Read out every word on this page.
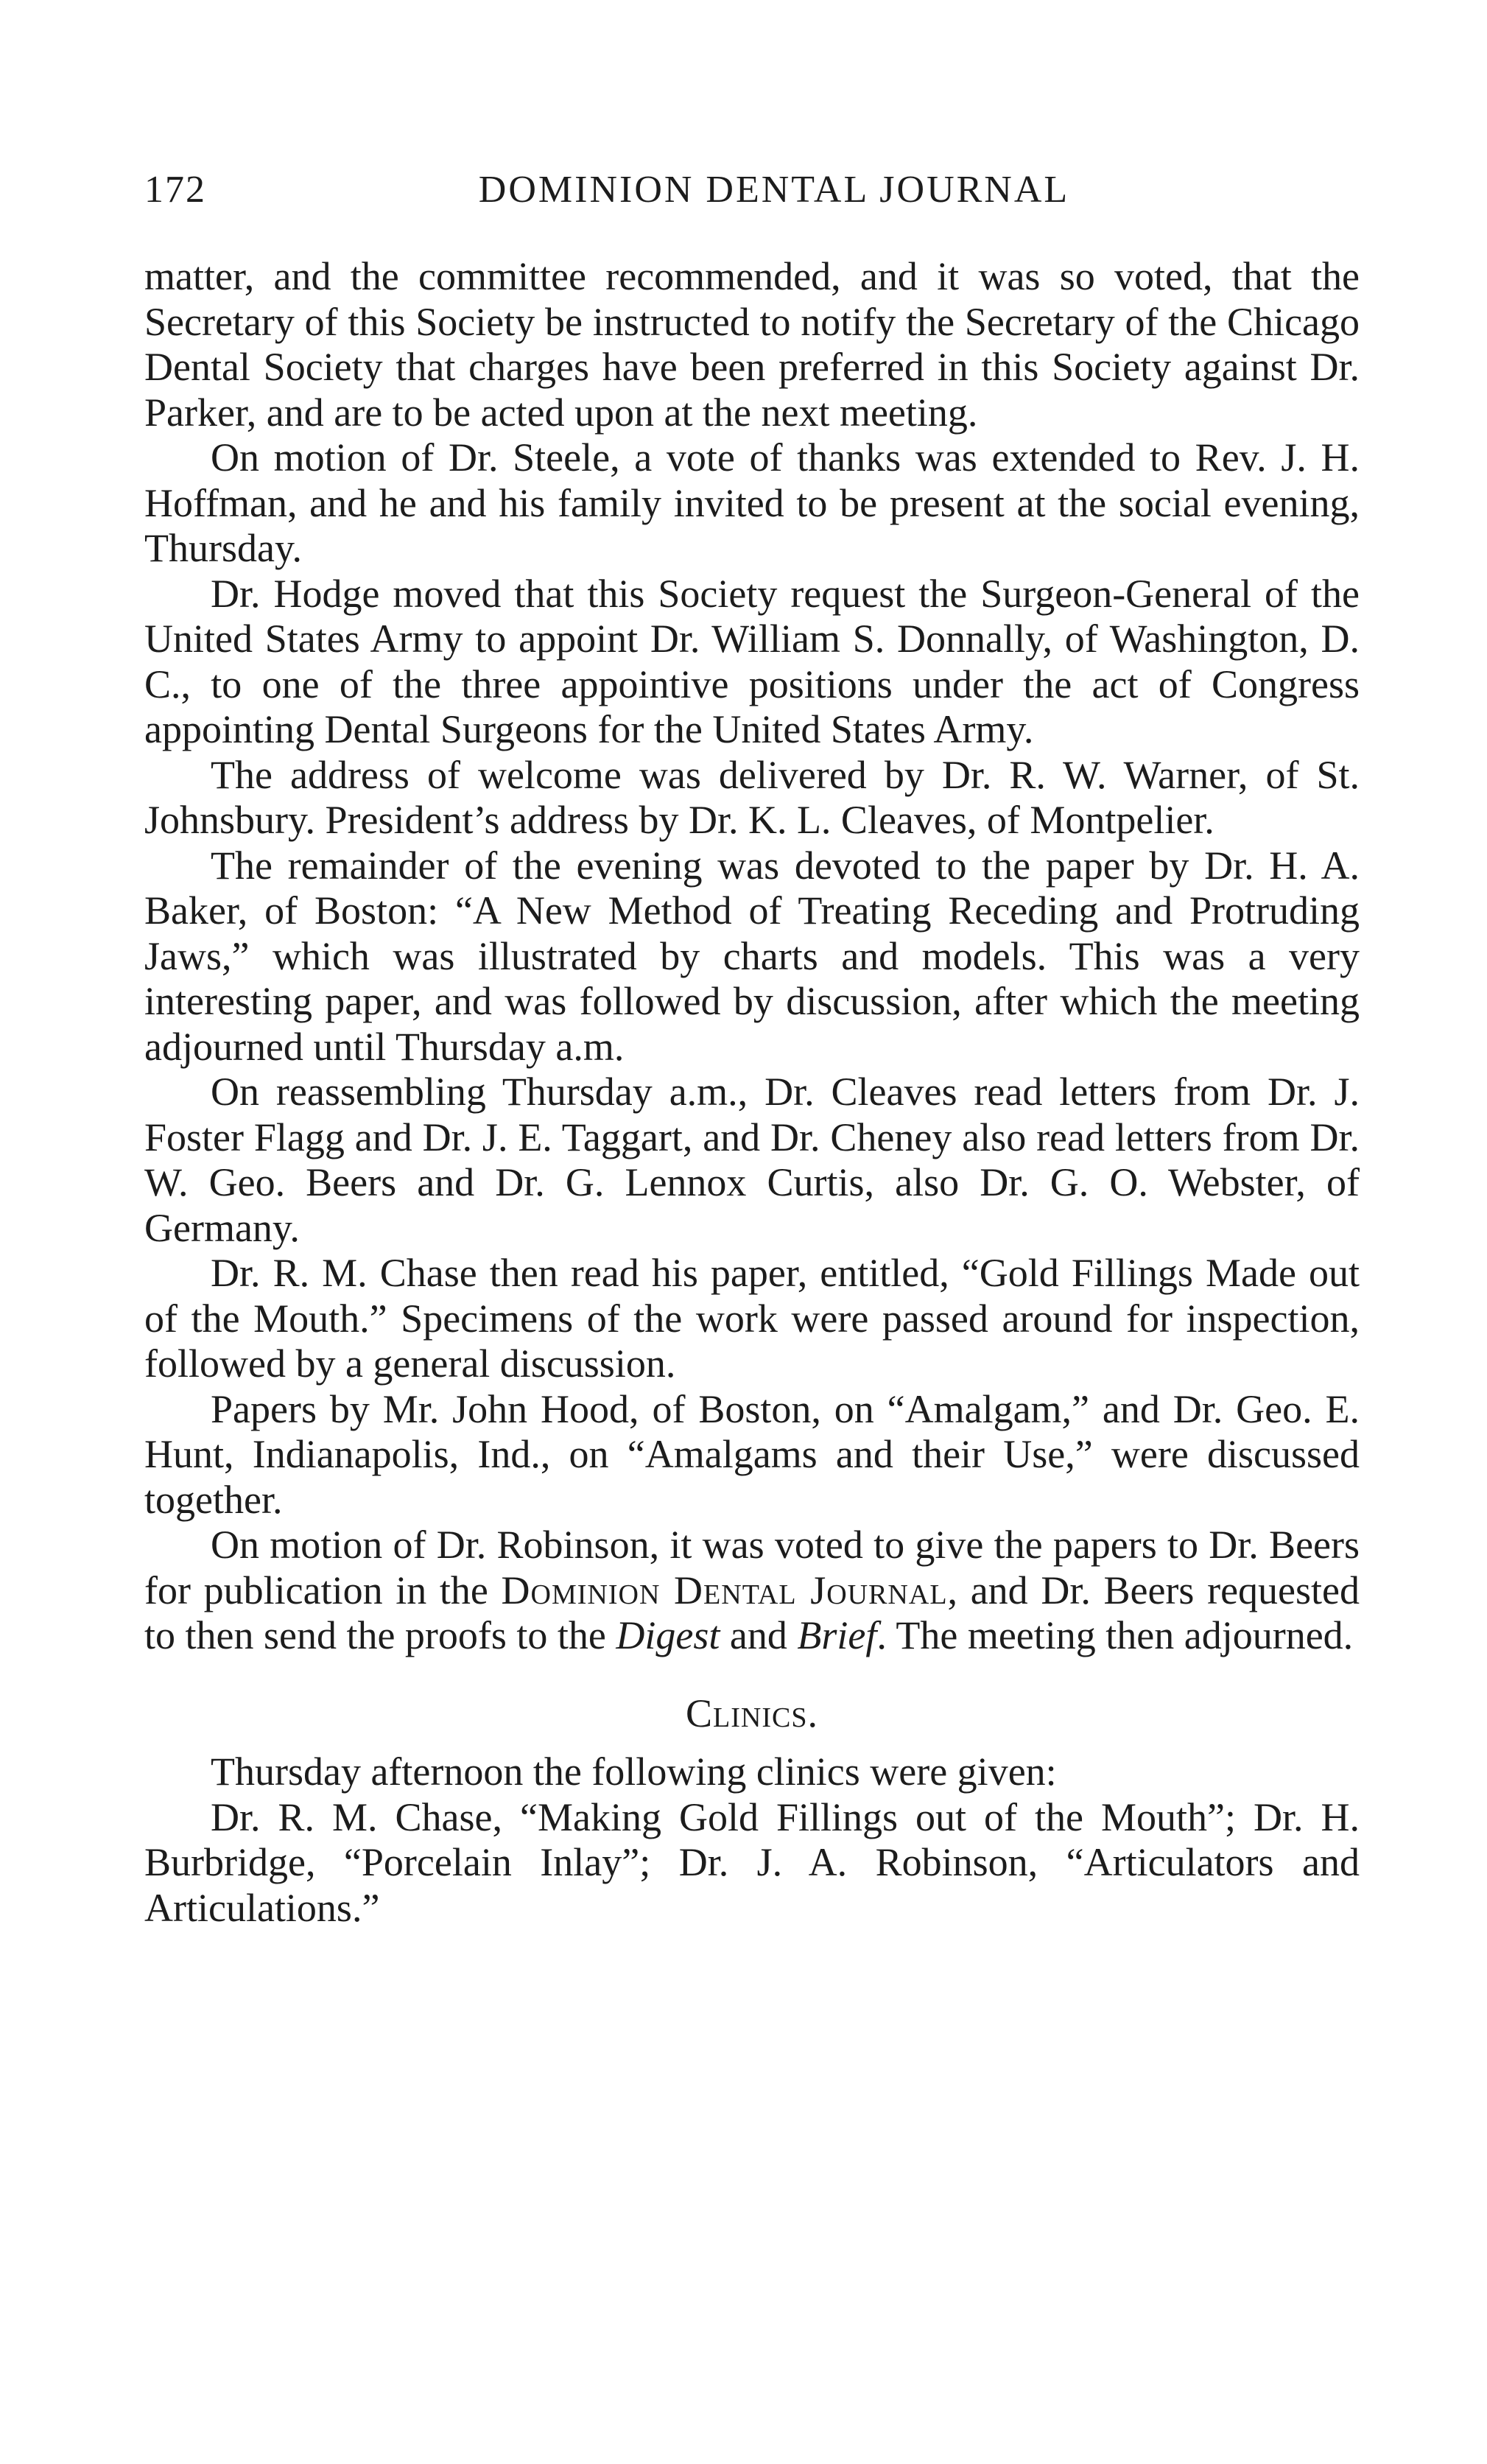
172	DOMINION DENTAL JOURNAL

matter, and the committee recommended, and it was so voted, that the Secretary of this Society be instructed to notify the Secretary of the Chicago Dental Society that charges have been preferred in this Society against Dr. Parker, and are to be acted upon at the next meeting.

On motion of Dr. Steele, a vote of thanks was extended to Rev. J. H. Hoffman, and he and his family invited to be present at the social evening, Thursday.

Dr. Hodge moved that this Society request the Surgeon-General of the United States Army to appoint Dr. William S. Donnally, of Washington, D. C., to one of the three appointive positions under the act of Congress appointing Dental Surgeons for the United States Army.

The address of welcome was delivered by Dr. R. W. Warner, of St. Johnsbury. President’s address by Dr. K. L. Cleaves, of Montpelier.

The remainder of the evening was devoted to the paper by Dr. H. A. Baker, of Boston: “A New Method of Treating Receding and Protruding Jaws,” which was illustrated by charts and models. This was a very interesting paper, and was followed by discussion, after which the meeting adjourned until Thursday a.m.

On reassembling Thursday a.m., Dr. Cleaves read letters from Dr. J. Foster Flagg and Dr. J. E. Taggart, and Dr. Cheney also read letters from Dr. W. Geo. Beers and Dr. G. Lennox Curtis, also Dr. G. O. Webster, of Germany.

Dr. R. M. Chase then read his paper, entitled, “Gold Fillings Made out of the Mouth.” Specimens of the work were passed around for inspection, followed by a general discussion.

Papers by Mr. John Hood, of Boston, on “Amalgam,” and Dr. Geo. E. Hunt, Indianapolis, Ind., on “Amalgams and their Use,” were discussed together.

On motion of Dr. Robinson, it was voted to give the papers to Dr. Beers for publication in the Dominion Dental Journal, and Dr. Beers requested to then send the proofs to the Digest and Brief. The meeting then adjourned.

Clinics.

Thursday afternoon the following clinics were given:

Dr. R. M. Chase, “Making Gold Fillings out of the Mouth”; Dr. H. Burbridge, “Porcelain Inlay”; Dr. J. A. Robinson, “Articulators and Articulations.”
